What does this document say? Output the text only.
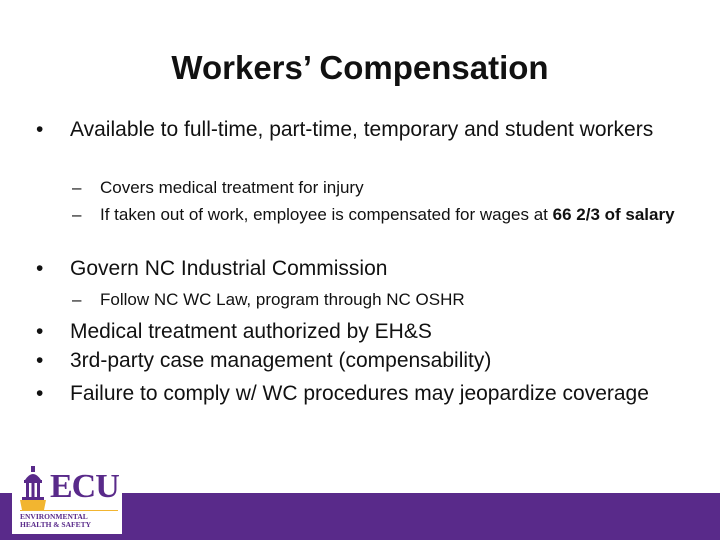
Workers’ Compensation
•	Available to full-time, part-time, temporary and student workers
– Covers medical treatment for injury
– If taken out of work, employee is compensated for wages at 66 2/3 of salary
•	Govern NC Industrial Commission
– Follow NC WC Law, program through NC OSHR
•	Medical treatment authorized by EH&S
•	3rd-party case management (compensability)
•	Failure to comply w/ WC procedures may jeopardize coverage
ECU
ENVIRONMENTAL HEALTH & SAFETY
